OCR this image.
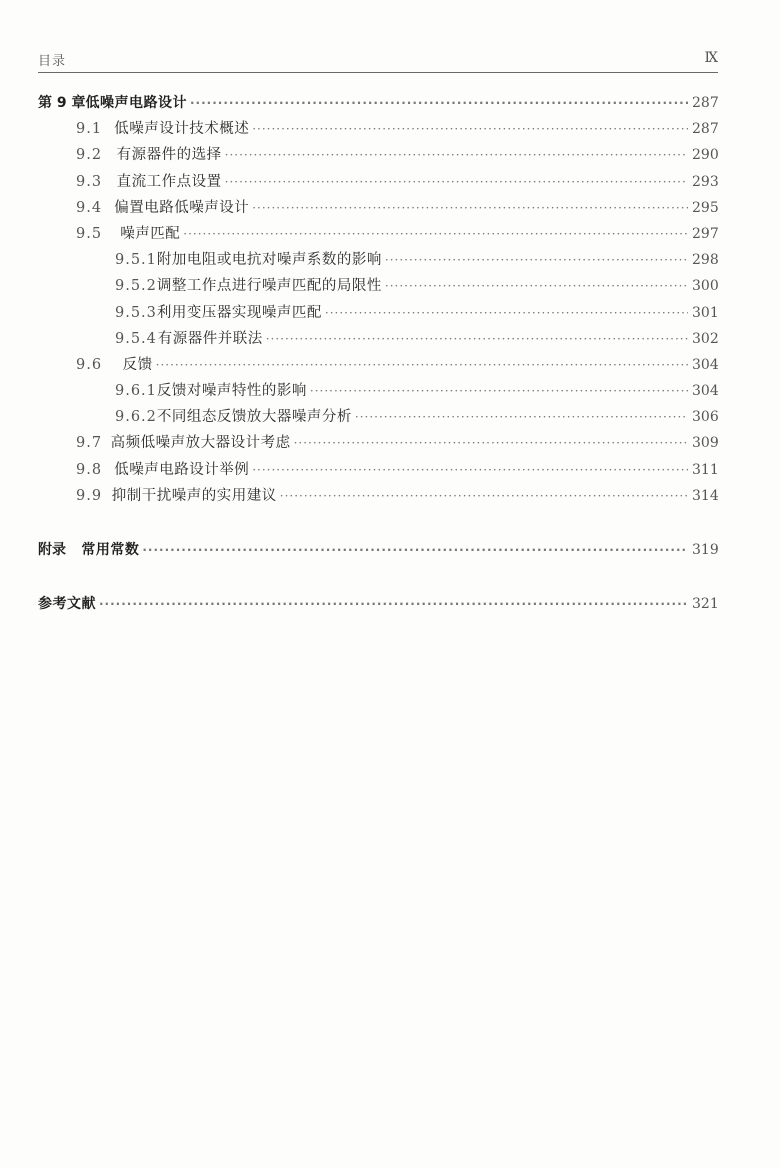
目录	Ⅸ
第 9 章 低噪声电路设计 ·····	287
9.1 低噪声设计技术概述 ·····	287
9.2	有源器件的选择 ·····	290
9.3	直流工作点设置 ·····	293
9.4 偏置电路低噪声设计 ·····	295
9.5	噪声匹配 ·····	297
9.5.1 附加电阻或电抗对噪声系数的影响 ·····	298
9.5.2 调整工作点进行噪声匹配的局限性 ·····	300
9.5.3 利用变压器实现噪声匹配 ·····	301
9.5.4 有源器件并联法 ·····	302
9.6	反馈 ·····	304
9.6.1 反馈对噪声特性的影响 ·····	304
9.6.2 不同组态反馈放大器噪声分析 ·····	306
9.7 高频低噪声放大器设计考虑 ·····	309
9.8 低噪声电路设计举例 ·····	311
9.9 抑制干扰噪声的实用建议 ·····	314
附录	常用常数 ·····	319
参考文献 ·····	321
